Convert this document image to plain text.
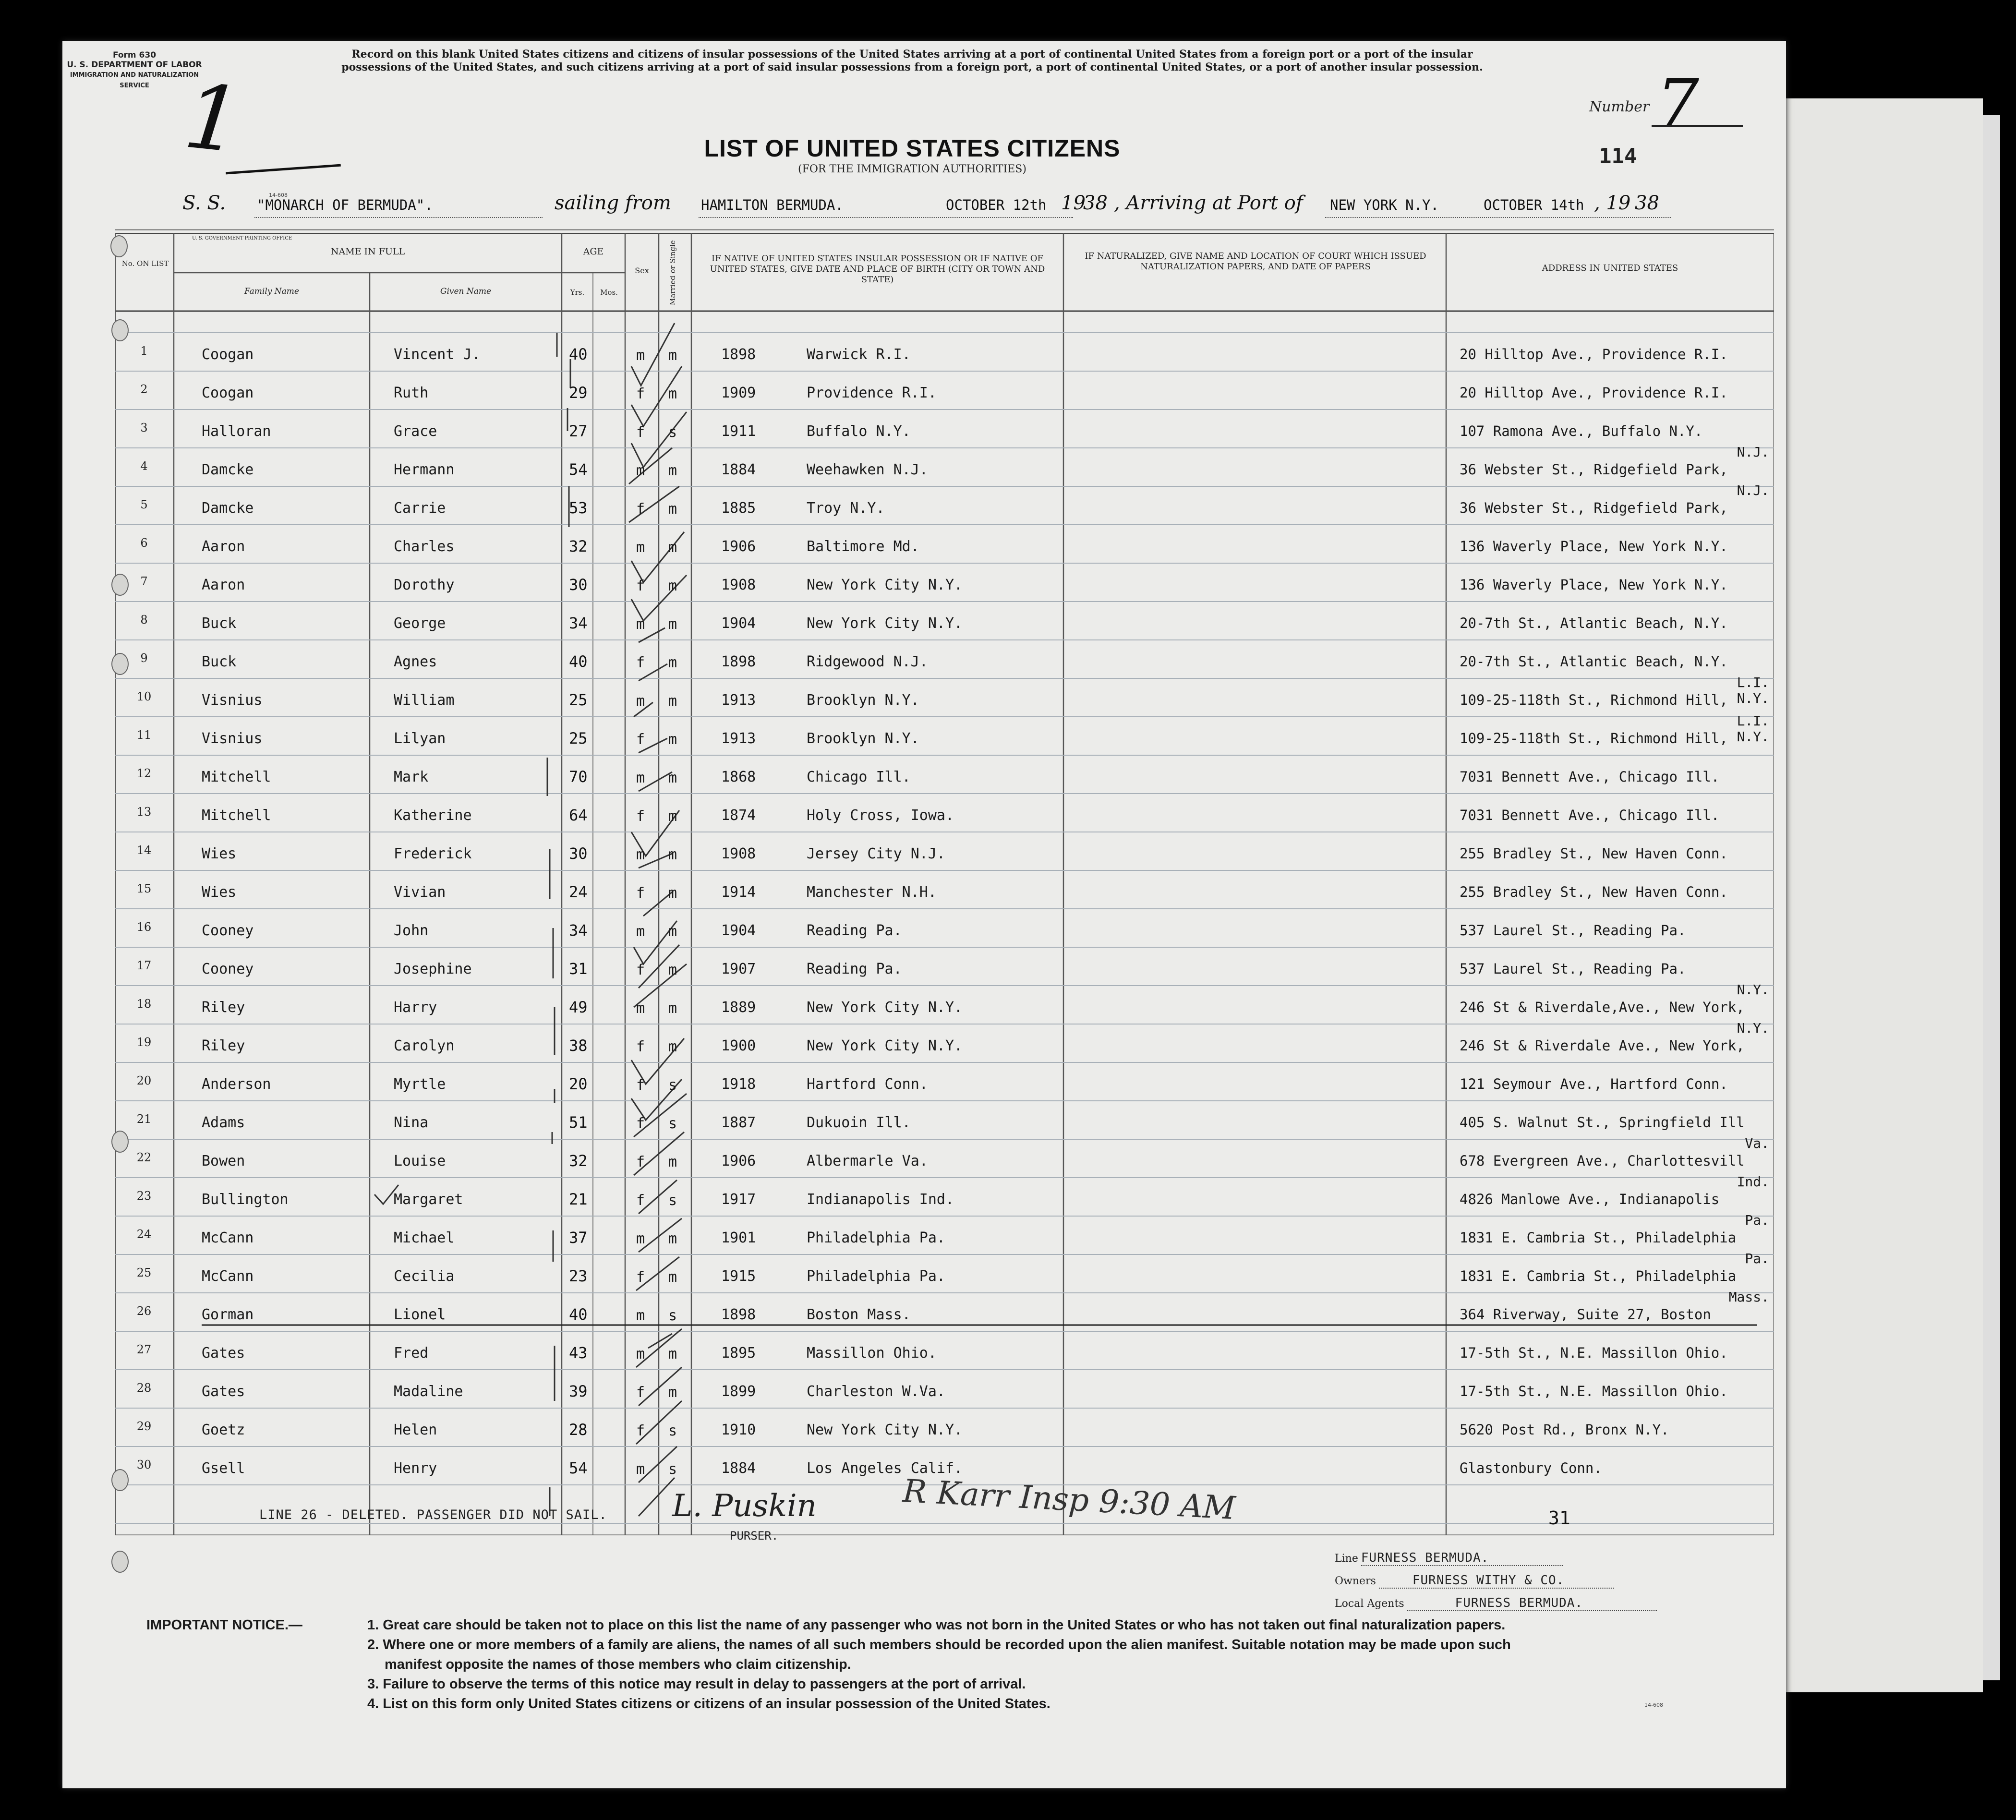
Form 630
U. S. DEPARTMENT OF LABOR
IMMIGRATION AND NATURALIZATION SERVICE 1
Record on this blank United States citizens and citizens of insular possessions of the United States arriving at a port of continental United States from a foreign port or a port of the insular possessions of the United States, and such citizens arriving at a port of said insular possessions from a foreign port, a port of continental United States, or a port of another insular possession.
Number 7
114
LIST OF UNITED STATES CITIZENS
(FOR THE IMMIGRATION AUTHORITIES)
S. S. "MONARCH OF BERMUDA".	sailing from HAMILTON BERMUDA.	OCTOBER 12th 19
38 , Arriving at Port of NEW YORK N.Y.	OCTOBER 14th , 19 38
No. ON LIST
NAME IN FULL
Family Name	Given Name
AGE
Yrs.	Mos.
Sex	Married or Single	IF NATIVE OF UNITED STATES INSULAR POSSESSION OR IF NATIVE OF UNITED STATES, GIVE DATE AND PLACE OF BIRTH (CITY OR TOWN AND STATE)
IF NATURALIZED, GIVE NAME AND LOCATION OF COURT WHICH ISSUED NATURALIZATION PAPERS, AND DATE OF PAPERS	ADDRESS IN UNITED STATES
U. S. GOVERNMENT PRINTING OFFICE
1	Coogan	Vincent J.	40	m m	1898	Warwick R.I.	20 Hilltop Ave., Providence R.I.
2	Coogan	Ruth	29	f m	1909	Providence R.I.	20 Hilltop Ave., Providence R.I.
3	Halloran	Grace	27	f s	1911	Buffalo N.Y.	107 Ramona Ave., Buffalo N.Y.
4	Damcke	Hermann	54	m m	1884	Weehawken N.J.	36 Webster St., Ridgefield Park,
N.J.
5	Damcke	Carrie	53	f m	1885	Troy N.Y.	36 Webster St., Ridgefield Park,
N.J.
6	Aaron	Charles	32	m m	1906	Baltimore Md.	136 Waverly Place, New York N.Y.
7	Aaron	Dorothy	30	f m	1908	New York City N.Y.	136 Waverly Place, New York N.Y.
8	Buck	George	34	m m	1904	New York City N.Y.	20-7th St., Atlantic Beach, N.Y.
9	Buck	Agnes	40	f m	1898	Ridgewood N.J.	20-7th St., Atlantic Beach, N.Y.
10	Visnius	William	25	m m	1913	Brooklyn N.Y.	109-25-118th St., Richmond Hill,
L.I. N.Y.
11	Visnius	Lilyan	25	f m	1913	Brooklyn N.Y.	109-25-118th St., Richmond Hill,
L.I. N.Y.
12	Mitchell	Mark	70	m m	1868	Chicago Ill.	7031 Bennett Ave., Chicago Ill.
13	Mitchell	Katherine	64	f m	1874	Holy Cross, Iowa.	7031 Bennett Ave., Chicago Ill.
14	Wies	Frederick	30	m m	1908	Jersey City N.J.	255 Bradley St., New Haven Conn.
15	Wies	Vivian	24	f m	1914	Manchester N.H.	255 Bradley St., New Haven Conn.
16	Cooney	John	34	m m	1904	Reading Pa.	537 Laurel St., Reading Pa.
17	Cooney	Josephine	31	f m	1907	Reading Pa.	537 Laurel St., Reading Pa.
18	Riley	Harry	49	m m	1889	New York City N.Y.	246 St & Riverdale,Ave., New York,
N.Y.
19	Riley	Carolyn	38	f m	1900	New York City N.Y.	246 St & Riverdale Ave., New York,
N.Y.
20	Anderson	Myrtle	20	f s	1918	Hartford Conn.	121 Seymour Ave., Hartford Conn.
21	Adams	Nina	51	f s	1887	Dukuoin Ill.	405 S. Walnut St., Springfield Ill
22	Bowen	Louise	32	f m	1906	Albermarle Va.	678 Evergreen Ave., Charlottesvill
Va.
23	Bullington	Margaret	21	f s	1917	Indianapolis Ind.	4826 Manlowe Ave., Indianapolis
Ind.
24	McCann	Michael	37	m m	1901	Philadelphia Pa.	1831 E. Cambria St., Philadelphia
Pa.
25	McCann	Cecilia	23	f m	1915	Philadelphia Pa.	1831 E. Cambria St., Philadelphia
Pa.
26	Gorman	Lionel	40	m s	1898	Boston Mass.	364 Riverway, Suite 27, Boston
Mass.
27	Gates	Fred	43	m m	1895	Massillon Ohio.	17-5th St., N.E. Massillon Ohio.
28	Gates	Madaline	39	f m	1899	Charleston W.Va.	17-5th St., N.E. Massillon Ohio.
29	Goetz	Helen	28	f s	1910	New York City N.Y.	5620 Post Rd., Bronx N.Y.
30	Gsell	Henry	54	m s	1884	Los Angeles Calif.	Glastonbury Conn.
LINE 26 - DELETED. PASSENGER DID NOT SAIL. L. Puskin
PURSER.
R Karr Insp 9:30 AM	31
Line FURNESS BERMUDA.
Owners	FURNESS WITHY & CO.
Local Agents	FURNESS BERMUDA.
IMPORTANT NOTICE.—	1. Great care should be taken not to place on this list the name of any passenger who was not born in the United States or who has not taken out final naturalization papers.
2. Where one or more members of a family are aliens, the names of all such members should be recorded upon the alien manifest. Suitable notation may be made upon such
manifest opposite the names of those members who claim citizenship.
3. Failure to observe the terms of this notice may result in delay to passengers at the port of arrival.
4. List on this form only United States citizens or citizens of an insular possession of the United States.	14-608
14-608
